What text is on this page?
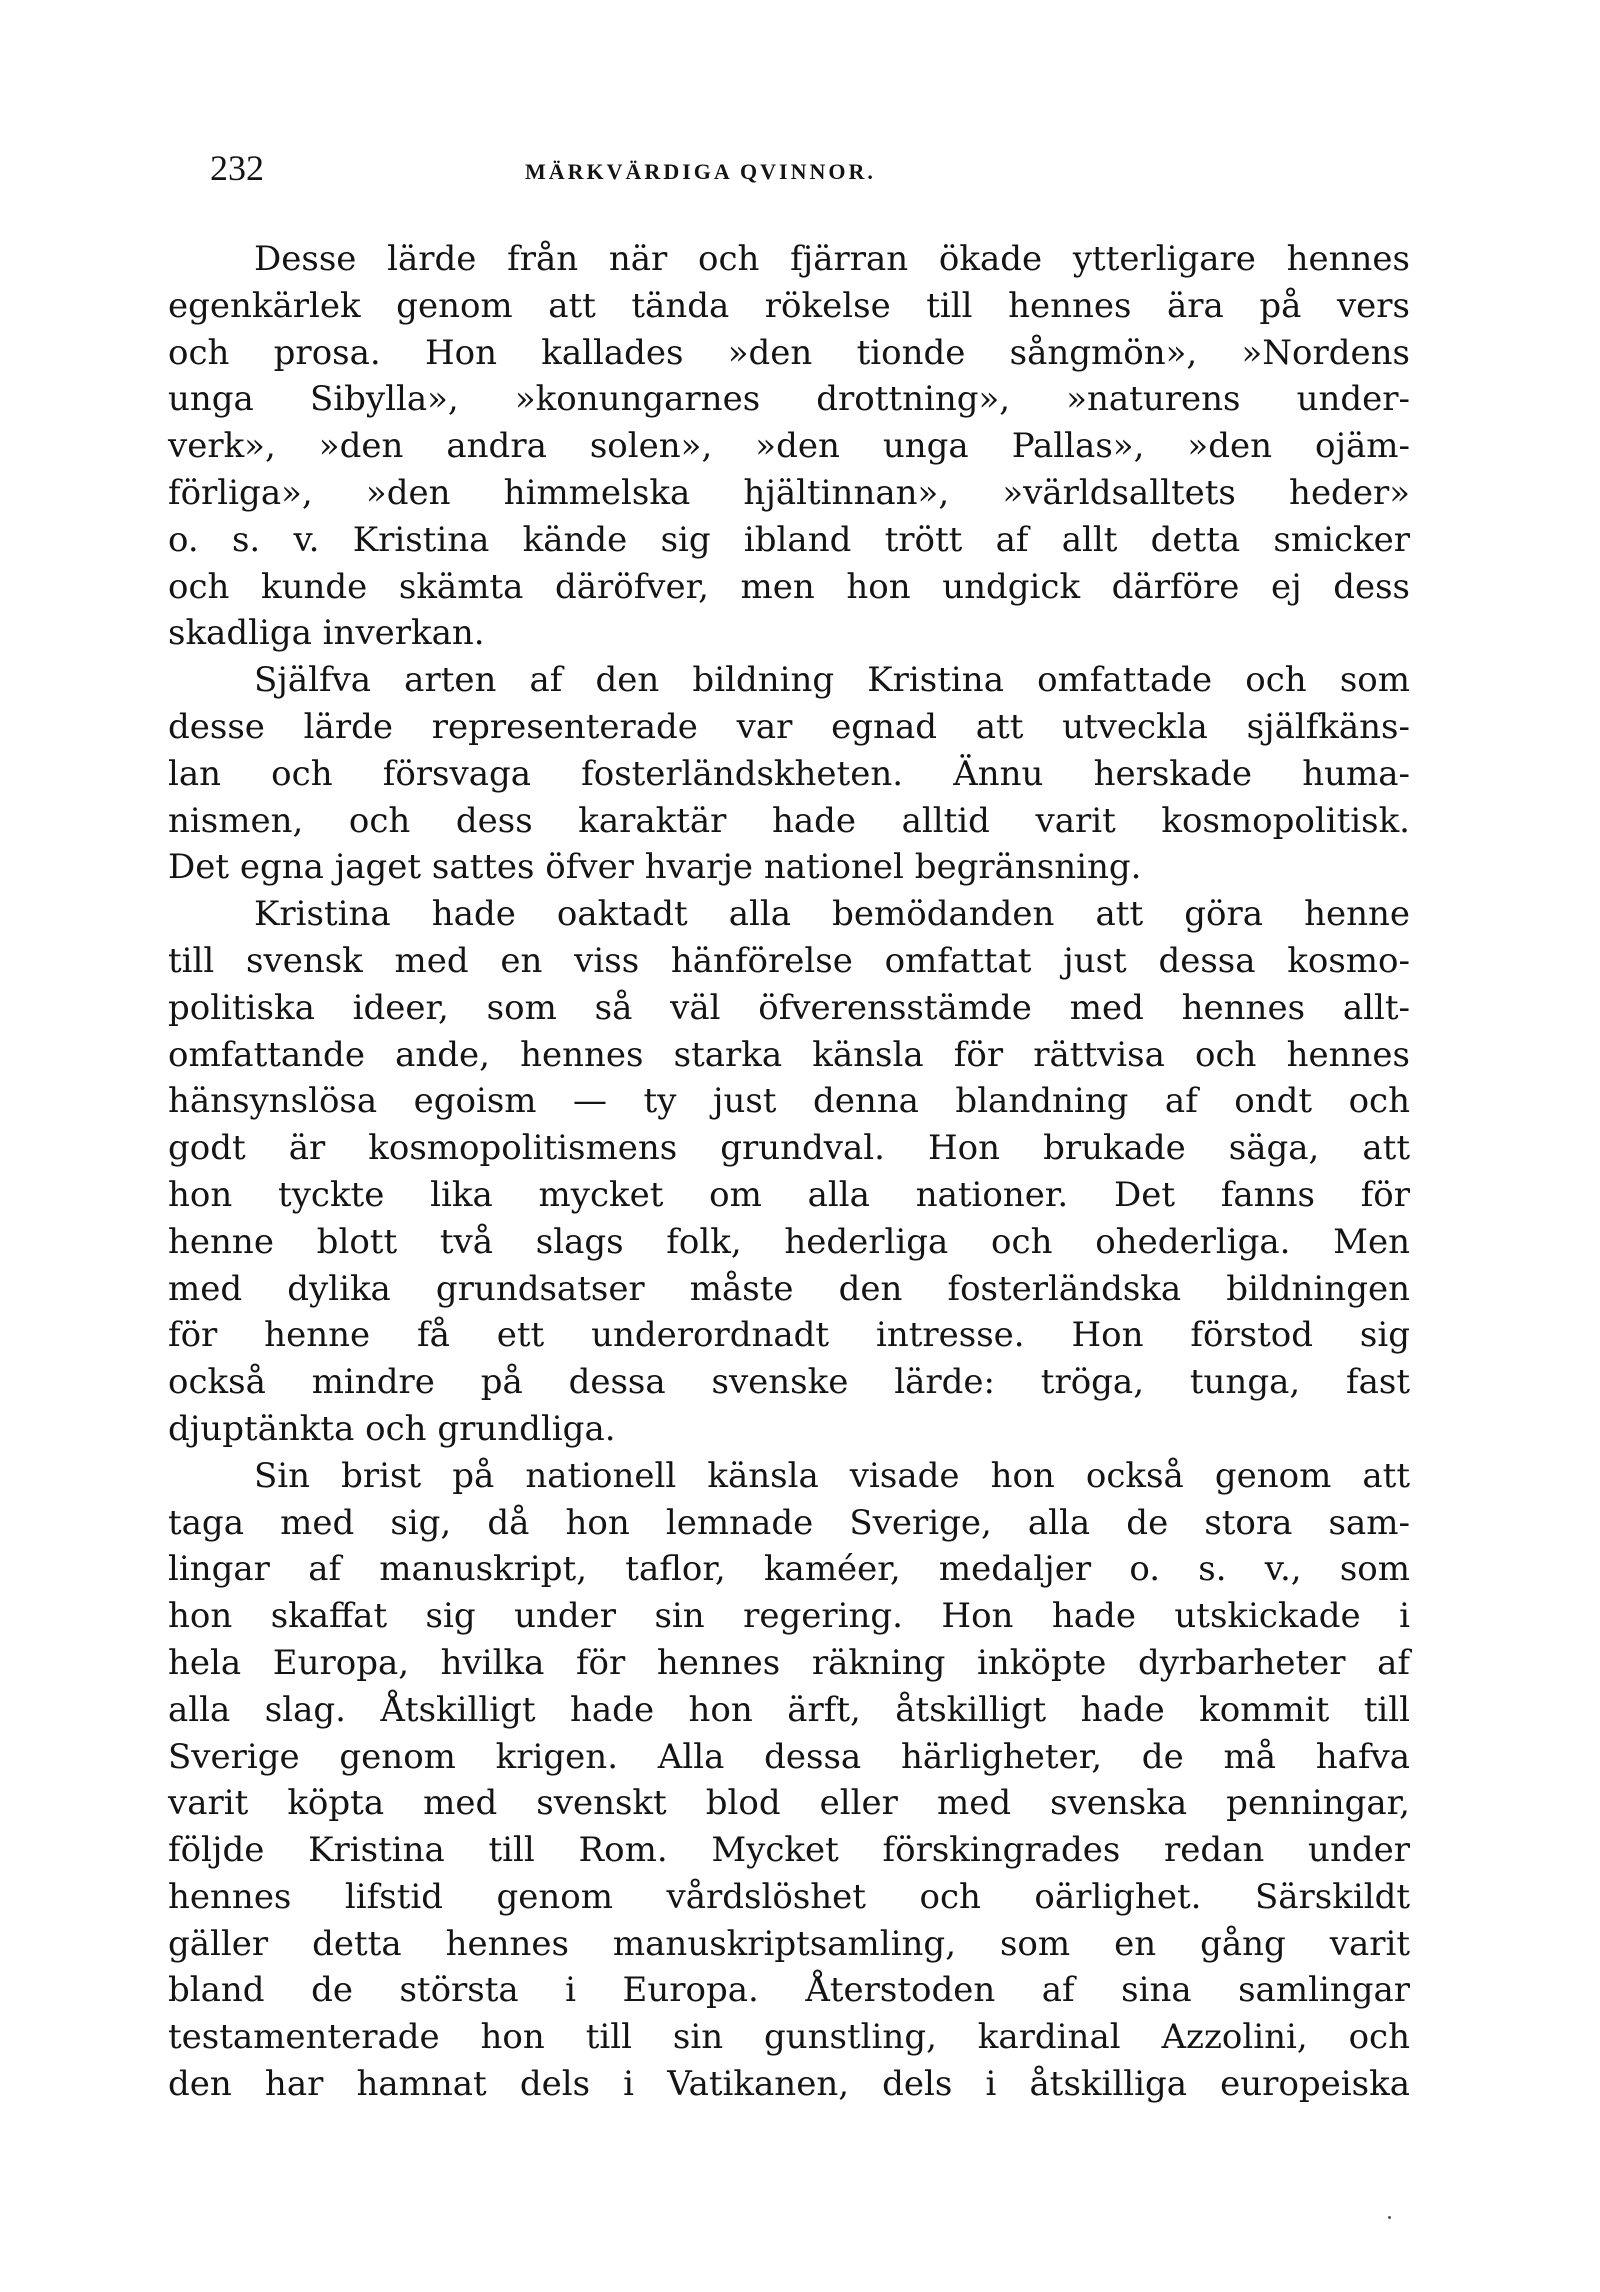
232	MÄRKVÄRDIGA QVINNOR.
Desse lärde från när och fjärran ökade ytterligare hennes
egenkärlek genom att tända rökelse till hennes ära på vers
och prosa. Hon kallades »den tionde sångmön», »Nordens
unga Sibylla», »konungarnes drottning», »naturens under-
verk», »den andra solen», »den unga Pallas», »den ojäm-
förliga», »den himmelska hjältinnan», »världsalltets heder»
o. s. v. Kristina kände sig ibland trött af allt detta smicker
och kunde skämta däröfver, men hon undgick därföre ej dess
skadliga inverkan.
Själfva arten af den bildning Kristina omfattade och som
desse lärde representerade var egnad att utveckla själfkäns-
lan och försvaga fosterländskheten. Ännu herskade huma-
nismen, och dess karaktär hade alltid varit kosmopolitisk.
Det egna jaget sattes öfver hvarje nationel begränsning.
Kristina hade oaktadt alla bemödanden att göra henne
till svensk med en viss hänförelse omfattat just dessa kosmo-
politiska ideer, som så väl öfverensstämde med hennes allt-
omfattande ande, hennes starka känsla för rättvisa och hennes
hänsynslösa egoism — ty just denna blandning af ondt och
godt är kosmopolitismens grundval. Hon brukade säga, att
hon tyckte lika mycket om alla nationer. Det fanns för
henne blott två slags folk, hederliga och ohederliga. Men
med dylika grundsatser måste den fosterländska bildningen
för henne få ett underordnadt intresse. Hon förstod sig
också mindre på dessa svenske lärde: tröga, tunga, fast
djuptänkta och grundliga.
Sin brist på nationell känsla visade hon också genom att
taga med sig, då hon lemnade Sverige, alla de stora sam-
lingar af manuskript, taflor, kaméer, medaljer o. s. v., som
hon skaffat sig under sin regering. Hon hade utskickade i
hela Europa, hvilka för hennes räkning inköpte dyrbarheter af
alla slag. Åtskilligt hade hon ärft, åtskilligt hade kommit till
Sverige genom krigen. Alla dessa härligheter, de må hafva
varit köpta med svenskt blod eller med svenska penningar,
följde Kristina till Rom. Mycket förskingrades redan under
hennes lifstid genom vårdslöshet och oärlighet. Särskildt
gäller detta hennes manuskriptsamling, som en gång varit
bland de största i Europa. Återstoden af sina samlingar
testamenterade hon till sin gunstling, kardinal Azzolini, och
den har hamnat dels i Vatikanen, dels i åtskilliga europeiska
